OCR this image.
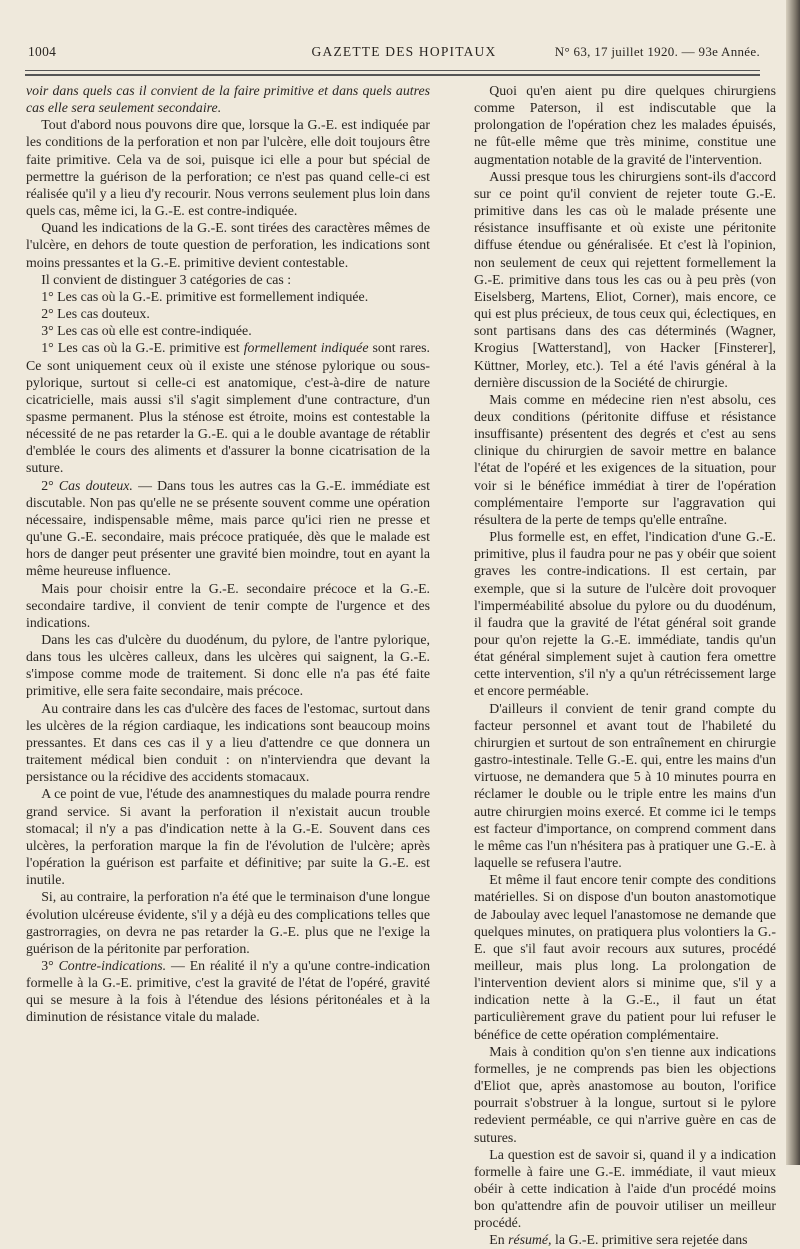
1004	GAZETTE DES HOPITAUX	N° 63, 17 juillet 1920. — 93e Année.

voir dans quels cas il convient de la faire primitive et dans quels autres cas elle sera seulement secondaire.

Tout d'abord nous pouvons dire que, lorsque la G.-E. est indiquée par les conditions de la perforation et non par l'ulcère, elle doit toujours être faite primitive. Cela va de soi, puisque ici elle a pour but spécial de permettre la guérison de la perforation; ce n'est pas quand celle-ci est réalisée qu'il y a lieu d'y recourir. Nous verrons seulement plus loin dans quels cas, même ici, la G.-E. est contre-indiquée.

Quand les indications de la G.-E. sont tirées des caractères mêmes de l'ulcère, en dehors de toute question de perforation, les indications sont moins pressantes et la G.-E. primitive devient contestable.

Il convient de distinguer 3 catégories de cas :

1° Les cas où la G.-E. primitive est formellement indiquée.

2° Les cas douteux.

3° Les cas où elle est contre-indiquée.

1° Les cas où la G.-E. primitive est formellement indiquée sont rares. Ce sont uniquement ceux où il existe une sténose pylorique ou sous-pylorique, surtout si celle-ci est anatomique, c'est-à-dire de nature cicatricielle, mais aussi s'il s'agit simplement d'une contracture, d'un spasme permanent. Plus la sténose est étroite, moins est contestable la nécessité de ne pas retarder la G.-E. qui a le double avantage de rétablir d'emblée le cours des aliments et d'assurer la bonne cicatrisation de la suture.

2° Cas douteux. — Dans tous les autres cas la G.-E. immédiate est discutable. Non pas qu'elle ne se présente souvent comme une opération nécessaire, indispensable même, mais parce qu'ici rien ne presse et qu'une G.-E. secondaire, mais précoce pratiquée, dès que le malade est hors de danger peut présenter une gravité bien moindre, tout en ayant la même heureuse influence.

Mais pour choisir entre la G.-E. secondaire précoce et la G.-E. secondaire tardive, il convient de tenir compte de l'urgence et des indications.

Dans les cas d'ulcère du duodénum, du pylore, de l'antre pylorique, dans tous les ulcères calleux, dans les ulcères qui saignent, la G.-E. s'impose comme mode de traitement. Si donc elle n'a pas été faite primitive, elle sera faite secondaire, mais précoce.

Au contraire dans les cas d'ulcère des faces de l'estomac, surtout dans les ulcères de la région cardiaque, les indications sont beaucoup moins pressantes. Et dans ces cas il y a lieu d'attendre ce que donnera un traitement médical bien conduit : on n'interviendra que devant la persistance ou la récidive des accidents stomacaux.

A ce point de vue, l'étude des anamnestiques du malade pourra rendre grand service. Si avant la perforation il n'existait aucun trouble stomacal; il n'y a pas d'indication nette à la G.-E. Souvent dans ces ulcères, la perforation marque la fin de l'évolution de l'ulcère; après l'opération la guérison est parfaite et définitive; par suite la G.-E. est inutile.

Si, au contraire, la perforation n'a été que le terminaison d'une longue évolution ulcéreuse évidente, s'il y a déjà eu des complications telles que gastrorragies, on devra ne pas retarder la G.-E. plus que ne l'exige la guérison de la péritonite par perforation.

3° Contre-indications. — En réalité il n'y a qu'une contre-indication formelle à la G.-E. primitive, c'est la gravité de l'état de l'opéré, gravité qui se mesure à la fois à l'étendue des lésions péritonéales et à la diminution de résistance vitale du malade.

Quoi qu'en aient pu dire quelques chirurgiens comme Paterson, il est indiscutable que la prolongation de l'opération chez les malades épuisés, ne fût-elle même que très minime, constitue une augmentation notable de la gravité de l'intervention.

Aussi presque tous les chirurgiens sont-ils d'accord sur ce point qu'il convient de rejeter toute G.-E. primitive dans les cas où le malade présente une résistance insuffisante et où existe une péritonite diffuse étendue ou généralisée. Et c'est là l'opinion, non seulement de ceux qui rejettent formellement la G.-E. primitive dans tous les cas ou à peu près (von Eiselsberg, Martens, Eliot, Corner), mais encore, ce qui est plus précieux, de tous ceux qui, éclectiques, en sont partisans dans des cas déterminés (Wagner, Krogius [Watterstand], von Hacker [Finsterer], Küttner, Morley, etc.). Tel a été l'avis général à la dernière discussion de la Société de chirurgie.

Mais comme en médecine rien n'est absolu, ces deux conditions (péritonite diffuse et résistance insuffisante) présentent des degrés et c'est au sens clinique du chirurgien de savoir mettre en balance l'état de l'opéré et les exigences de la situation, pour voir si le bénéfice immédiat à tirer de l'opération complémentaire l'emporte sur l'aggravation qui résultera de la perte de temps qu'elle entraîne.

Plus formelle est, en effet, l'indication d'une G.-E. primitive, plus il faudra pour ne pas y obéir que soient graves les contre-indications. Il est certain, par exemple, que si la suture de l'ulcère doit provoquer l'imperméabilité absolue du pylore ou du duodénum, il faudra que la gravité de l'état général soit grande pour qu'on rejette la G.-E. immédiate, tandis qu'un état général simplement sujet à caution fera omettre cette intervention, s'il n'y a qu'un rétrécissement large et encore perméable.

D'ailleurs il convient de tenir grand compte du facteur personnel et avant tout de l'habileté du chirurgien et surtout de son entraînement en chirurgie gastro-intestinale. Telle G.-E. qui, entre les mains d'un virtuose, ne demandera que 5 à 10 minutes pourra en réclamer le double ou le triple entre les mains d'un autre chirurgien moins exercé. Et comme ici le temps est facteur d'importance, on comprend comment dans le même cas l'un n'hésitera pas à pratiquer une G.-E. à laquelle se refusera l'autre.

Et même il faut encore tenir compte des conditions matérielles. Si on dispose d'un bouton anastomotique de Jaboulay avec lequel l'anastomose ne demande que quelques minutes, on pratiquera plus volontiers la G.-E. que s'il faut avoir recours aux sutures, procédé meilleur, mais plus long. La prolongation de l'intervention devient alors si minime que, s'il y a indication nette à la G.-E., il faut un état particulièrement grave du patient pour lui refuser le bénéfice de cette opération complémentaire.

Mais à condition qu'on s'en tienne aux indications formelles, je ne comprends pas bien les objections d'Eliot que, après anastomose au bouton, l'orifice pourrait s'obstruer à la longue, surtout si le pylore redevient perméable, ce qui n'arrive guère en cas de sutures.

La question est de savoir si, quand il y a indication formelle à faire une G.-E. immédiate, il vaut mieux obéir à cette indication à l'aide d'un procédé moins bon qu'attendre afin de pouvoir utiliser un meilleur procédé.

En résumé, la G.-E. primitive sera rejetée dans
